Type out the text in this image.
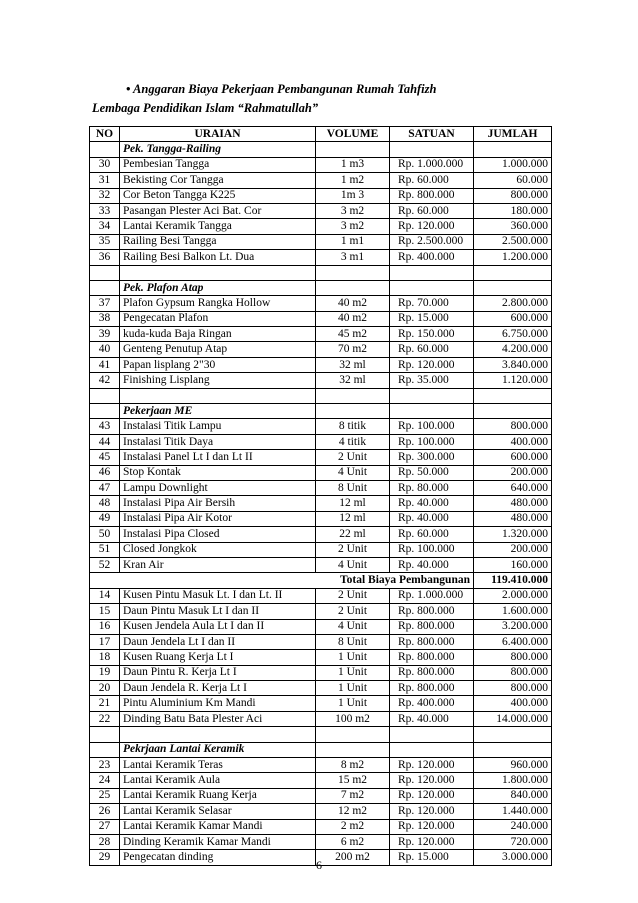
• Anggaran Biaya Pekerjaan Pembangunan Rumah Tahfizh
Lembaga Pendidikan Islam “Rahmatullah”
NO	URAIAN	VOLUME	SATUAN	JUMLAH
	Pek. Tangga-Railing			
30	Pembesian Tangga	1 m3	Rp. 1.000.000	1.000.000
31	Bekisting Cor Tangga	1 m2	Rp. 60.000	60.000
32	Cor Beton Tangga K225	1m 3	Rp. 800.000	800.000
33	Pasangan Plester Aci Bat. Cor	3 m2	Rp. 60.000	180.000
34	Lantai Keramik Tangga	3 m2	Rp. 120.000	360.000
35	Railing Besi Tangga	1 m1	Rp. 2.500.000	2.500.000
36	Railing Besi Balkon Lt. Dua	3 m1	Rp. 400.000	1.200.000

	Pek. Plafon Atap			
37	Plafon Gypsum Rangka Hollow	40 m2	Rp. 70.000	2.800.000
38	Pengecatan Plafon	40 m2	Rp. 15.000	600.000
39	kuda-kuda Baja Ringan	45 m2	Rp. 150.000	6.750.000
40	Genteng Penutup Atap	70 m2	Rp. 60.000	4.200.000
41	Papan lisplang 2"30	32 ml	Rp. 120.000	3.840.000
42	Finishing Lisplang	32 ml	Rp. 35.000	1.120.000

	Pekerjaan ME			
43	Instalasi Titik Lampu	8 titik	Rp. 100.000	800.000
44	Instalasi Titik Daya	4 titik	Rp. 100.000	400.000
45	Instalasi Panel Lt I dan Lt II	2 Unit	Rp. 300.000	600.000
46	Stop Kontak	4 Unit	Rp. 50.000	200.000
47	Lampu Downlight	8 Unit	Rp. 80.000	640.000
48	Instalasi Pipa Air Bersih	12 ml	Rp. 40.000	480.000
49	Instalasi Pipa Air Kotor	12 ml	Rp. 40.000	480.000
50	Instalasi Pipa Closed	22 ml	Rp. 60.000	1.320.000
51	Closed Jongkok	2 Unit	Rp. 100.000	200.000
52	Kran Air	4 Unit	Rp. 40.000	160.000
Total Biaya Pembangunan				119.410.000
14	Kusen Pintu Masuk Lt. I dan Lt. II	2 Unit	Rp. 1.000.000	2.000.000
15	Daun Pintu Masuk Lt I dan II	2 Unit	Rp. 800.000	1.600.000
16	Kusen Jendela Aula Lt I dan II	4 Unit	Rp. 800.000	3.200.000
17	Daun Jendela Lt I dan II	8 Unit	Rp. 800.000	6.400.000
18	Kusen Ruang Kerja Lt I	1 Unit	Rp. 800.000	800.000
19	Daun Pintu R. Kerja Lt I	1 Unit	Rp. 800.000	800.000
20	Daun Jendela R. Kerja Lt I	1 Unit	Rp. 800.000	800.000
21	Pintu Aluminium Km Mandi	1 Unit	Rp. 400.000	400.000
22	Dinding Batu Bata Plester Aci	100 m2	Rp. 40.000	14.000.000

	Pekrjaan Lantai Keramik			
23	Lantai Keramik Teras	8 m2	Rp. 120.000	960.000
24	Lantai Keramik Aula	15 m2	Rp. 120.000	1.800.000
25	Lantai Keramik Ruang Kerja	7 m2	Rp. 120.000	840.000
26	Lantai Keramik Selasar	12 m2	Rp. 120.000	1.440.000
27	Lantai Keramik Kamar Mandi	2 m2	Rp. 120.000	240.000
28	Dinding Keramik Kamar Mandi	6 m2	Rp. 120.000	720.000
29	Pengecatan dinding	200 m2	Rp. 15.000	3.000.000
6
